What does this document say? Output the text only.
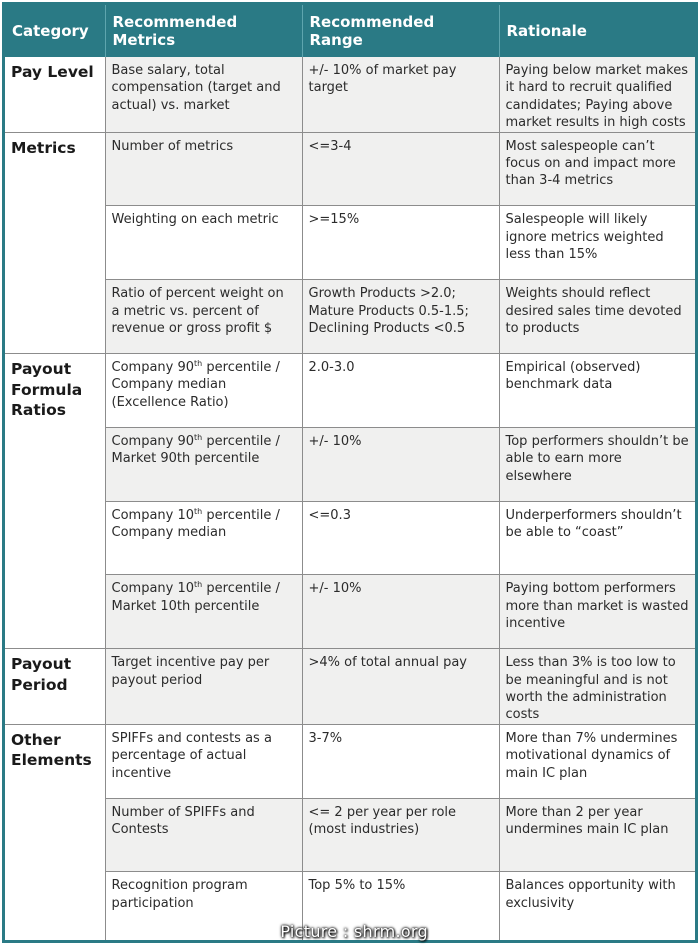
Category	Recommended Metrics	Recommended Range	Rationale
Pay Level	Base salary, total compensation (target and actual) vs. market	+/- 10% of market pay target	Paying below market makes it hard to recruit qualified candidates; Paying above market results in high costs
Metrics	Number of metrics	<=3-4	Most salespeople can’t focus on and impact more than 3-4 metrics
	Weighting on each metric	>=15%	Salespeople will likely ignore metrics weighted less than 15%
	Ratio of percent weight on a metric vs. percent of revenue or gross profit $	Growth Products >2.0; Mature Products 0.5-1.5; Declining Products <0.5	Weights should reflect desired sales time devoted to products
Payout Formula Ratios	Company 90th percentile / Company median (Excellence Ratio)	2.0-3.0	Empirical (observed) benchmark data
	Company 90th percentile / Market 90th percentile	+/- 10%	Top performers shouldn’t be able to earn more elsewhere
	Company 10th percentile / Company median	<=0.3	Underperformers shouldn’t be able to “coast”
	Company 10th percentile / Market 10th percentile	+/- 10%	Paying bottom performers more than market is wasted incentive
Payout Period	Target incentive pay per payout period	>4% of total annual pay	Less than 3% is too low to be meaningful and is not worth the administration costs
Other Elements	SPIFFs and contests as a percentage of actual incentive	3-7%	More than 7% undermines motivational dynamics of main IC plan
	Number of SPIFFs and Contests	<= 2 per year per role (most industries)	More than 2 per year undermines main IC plan
	Recognition program participation	Top 5% to 15%	Balances opportunity with exclusivity
Picture : shrm.org
